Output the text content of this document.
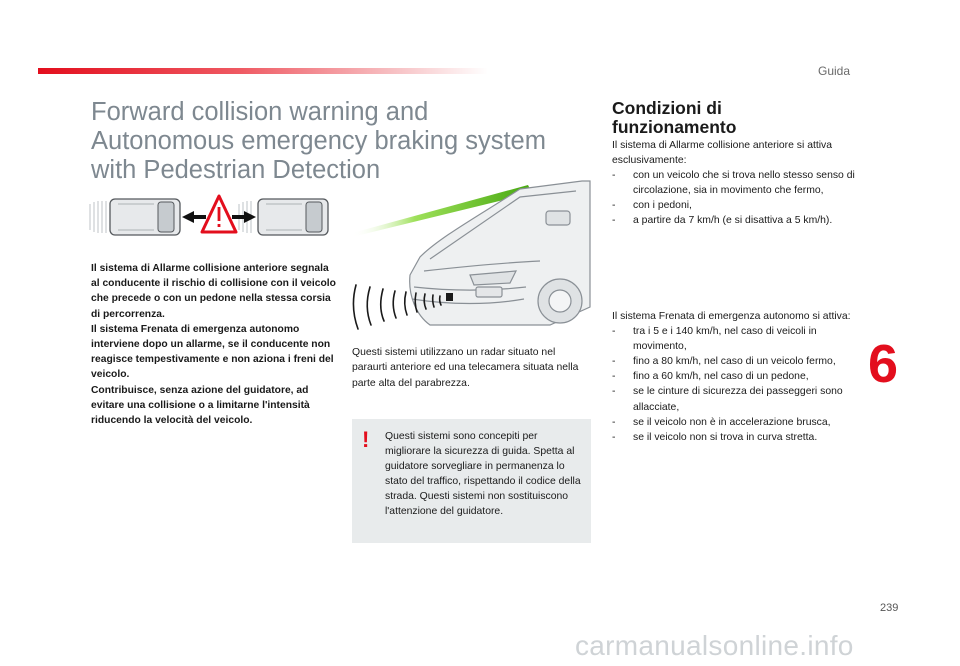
Guida
Forward collision warning and
Autonomous emergency braking system
with Pedestrian Detection

Il sistema di Allarme collisione anteriore segnala al conducente il rischio di collisione con il veicolo che precede o con un pedone nella stessa corsia di percorrenza.

Il sistema Frenata di emergenza autonomo interviene dopo un allarme, se il conducente non reagisce tempestivamente e non aziona i freni del veicolo.

Contribuisce, senza azione del guidatore, ad evitare una collisione o a limitarne l'intensità riducendo la velocità del veicolo.

Questi sistemi utilizzano un radar situato nel paraurti anteriore ed una telecamera situata nella parte alta del parabrezza.

! Questi sistemi sono concepiti per migliorare la sicurezza di guida. Spetta al guidatore sorvegliare in permanenza lo stato del traffico, rispettando il codice della strada. Questi sistemi non sostituiscono l'attenzione del guidatore.

Condizioni di
funzionamento

Il sistema di Allarme collisione anteriore si attiva esclusivamente:

- con un veicolo che si trova nello stesso senso di circolazione, sia in movimento che fermo,
- con i pedoni,
- a partire da 7 km/h (e si disattiva a 5 km/h).

Il sistema Frenata di emergenza autonomo si attiva:

- tra i 5 e i 140 km/h, nel caso di veicoli in movimento,
- fino a 80 km/h, nel caso di un veicolo fermo,
- fino a 60 km/h, nel caso di un pedone,
- se le cinture di sicurezza dei passeggeri sono allacciate,
- se il veicolo non è in accelerazione brusca,
- se il veicolo non si trova in curva stretta.
6
239
carmanualsonline.info
